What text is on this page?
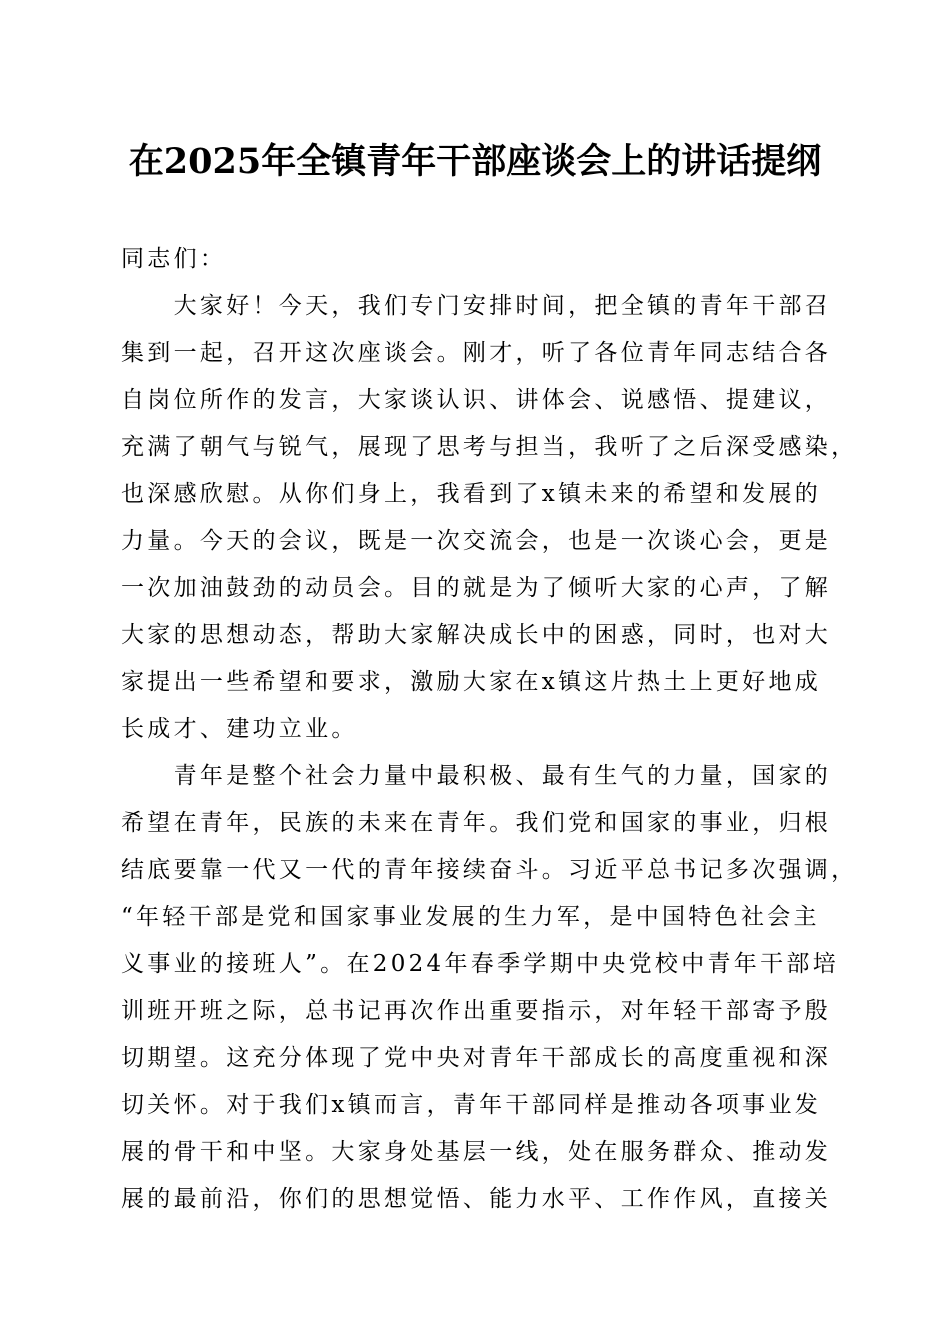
在2025年全镇青年干部座谈会上的讲话提纲
同志们：
　　大家好！今天，我们专门安排时间，把全镇的青年干部召
集到一起，召开这次座谈会。刚才，听了各位青年同志结合各
自岗位所作的发言，大家谈认识、讲体会、说感悟、提建议，
充满了朝气与锐气，展现了思考与担当，我听了之后深受感染，
也深感欣慰。从你们身上，我看到了x镇未来的希望和发展的
力量。今天的会议，既是一次交流会，也是一次谈心会，更是
一次加油鼓劲的动员会。目的就是为了倾听大家的心声，了解
大家的思想动态，帮助大家解决成长中的困惑，同时，也对大
家提出一些希望和要求，激励大家在x镇这片热土上更好地成
长成才、建功立业。
　　青年是整个社会力量中最积极、最有生气的力量，国家的
希望在青年，民族的未来在青年。我们党和国家的事业，归根
结底要靠一代又一代的青年接续奋斗。习近平总书记多次强调，
“年轻干部是党和国家事业发展的生力军，是中国特色社会主
义事业的接班人”。在2024年春季学期中央党校中青年干部培
训班开班之际，总书记再次作出重要指示，对年轻干部寄予殷
切期望。这充分体现了党中央对青年干部成长的高度重视和深
切关怀。对于我们x镇而言，青年干部同样是推动各项事业发
展的骨干和中坚。大家身处基层一线，处在服务群众、推动发
展的最前沿，你们的思想觉悟、能力水平、工作作风，直接关
